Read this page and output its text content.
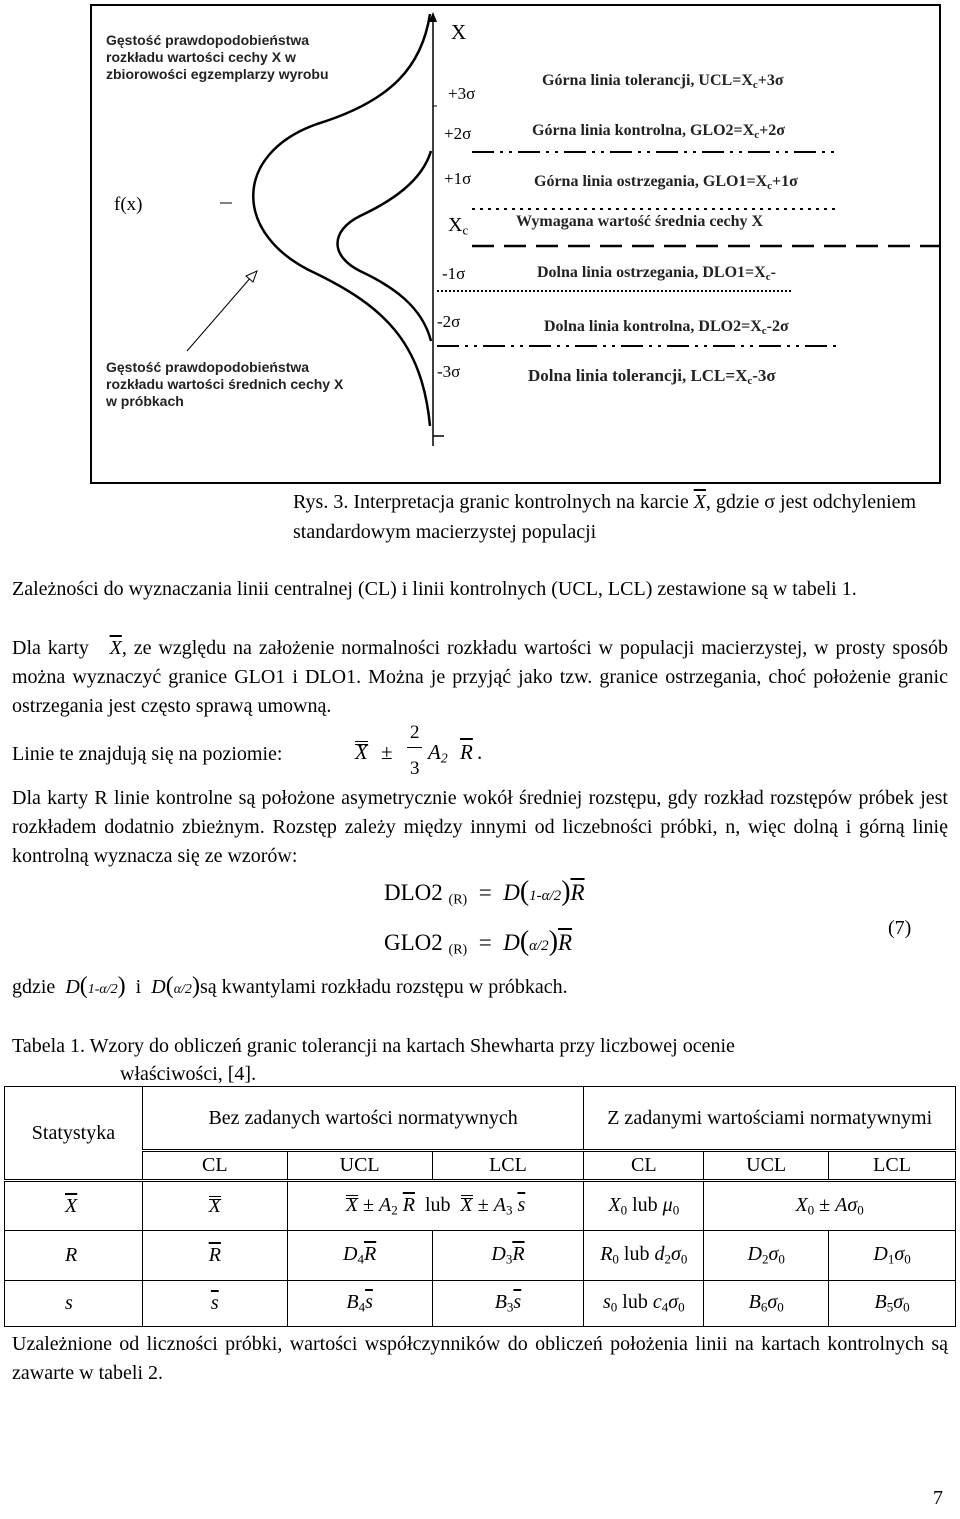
Gęstość prawdopodobieństwa rozkładu wartości cechy X w zbiorowości egzemplarzy wyrobu
f(x)
Gęstość prawdopodobieństwa rozkładu wartości średnich cechy X w próbkach
X
+3σ
+2σ
+1σ
$X_c$
-1σ
-2σ
-3σ
Górna linia tolerancji, $UCL=X_c+3\sigma$
Górna linia kontrolna, $GLO2=X_c+2\sigma$
Górna linia ostrzegania, $GLO1=X_c+1\sigma$
Wymagana wartość średnia cechy X
Dolna linia ostrzegania, $DLO1=X_c-$
Dolna linia kontrolna, $DLO2=X_c-2\sigma$
Dolna linia tolerancji, $LCL=X_c-3\sigma$
Rys. 3. Interpretacja granic kontrolnych na karcie $\overline{X}$, gdzie σ jest odchyleniem
standardowym macierzystej populacji
Zależności do wyznaczania linii centralnej (CL) i linii kontrolnych (UCL, LCL) zestawione są w tabeli 1.
Dla karty $\overline{X}$, ze względu na założenie normalności rozkładu wartości w populacji macierzystej, w prosty sposób można wyznaczyć granice GLO1 i DLO1. Można je przyjąć jako tzw. granice ostrzegania, choć położenie granic ostrzegania jest często sprawą umowną.
Linie te znajdują się na poziomie:	X ±
2
3
$A_2$ $\overline{R}$ .
Dla karty R linie kontrolne są położone asymetrycznie wokół średniej rozstępu, gdy rozkład rozstępów próbek jest rozkładem dodatnio zbieżnym. Rozstęp zależy między innymi od liczebności próbki, n, więc dolną i górną linię kontrolną wyznacza się ze wzorów:
DLO2 $_{(R)} = D(1-\alpha/2)\overline{R}$
GLO2 $_{(R)} = D(\alpha/2)\overline{R}$
(7)
gdzie D(1-α/2) i D(α/2)są kwantylami rozkładu rozstępu w próbkach.
Tabela 1. Wzory do obliczeń granic tolerancji na kartach Shewharta przy liczbowej ocenie
właściwości, [4].
Statystyka	Bez zadanych wartości normatywnych			Z zadanymi wartościami normatywnymi		
	CL	UCL	LCL	CL	UCL	LCL
$\overline{X}$	X	$X \pm A_2$ $\overline{R}$ lub $X \pm A_3$ $\overline{s}$		$X_0$ lub $\mu_0$	$X_0 \pm A\sigma_0$
R	$\overline{R}$	$D_4\overline{R}$	$D_3\overline{R}$	$R_0$ lub $d_2\sigma_0$	$D_2\sigma_0$	$D_1\sigma_0$
s	$\overline{s}$	$B_4\overline{s}$	$B_3\overline{s}$	$s_0$ lub $c_4\sigma_0$	$B_6\sigma_0$	$B_5\sigma_0$
Uzależnione od liczności próbki, wartości współczynników do obliczeń położenia linii na kartach kontrolnych są zawarte w tabeli 2.
7
